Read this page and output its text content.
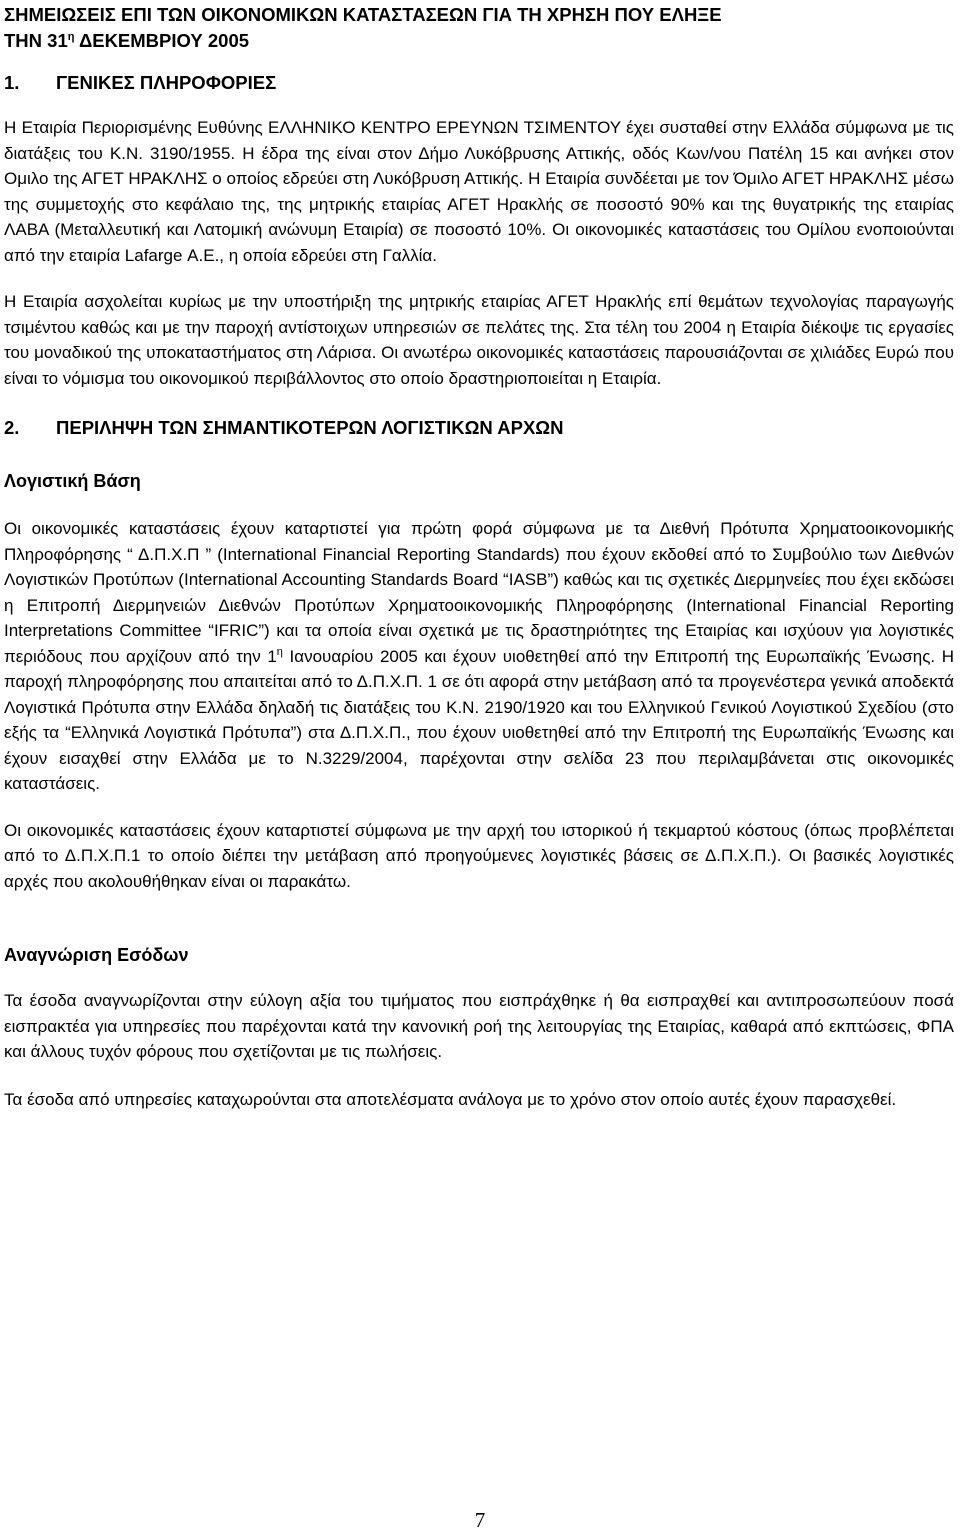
ΣΗΜΕΙΩΣΕΙΣ ΕΠΙ ΤΩΝ ΟΙΚΟΝΟΜΙΚΩΝ ΚΑΤΑΣΤΑΣΕΩΝ ΓΙΑ ΤΗ ΧΡΗΣΗ ΠΟΥ ΕΛΗΞΕ
ΤΗΝ $31^\eta$ ΔΕΚΕΜΒΡΙΟΥ 2005
1. ΓΕΝΙΚΕΣ ΠΛΗΡΟΦΟΡΙΕΣ

Η Εταιρία Περιορισμένης Ευθύνης ΕΛΛΗΝΙΚΟ ΚΕΝΤΡΟ ΕΡΕΥΝΩΝ ΤΣΙΜΕΝΤΟΥ έχει συσταθεί στην Ελλάδα σύμφωνα με τις διατάξεις του Κ.Ν. 3190/1955. Η έδρα της είναι στον Δήμο Λυκόβρυσης Αττικής, οδός Κων/νου Πατέλη 15 και ανήκει στον Ομιλο της ΑΓΕΤ ΗΡΑΚΛΗΣ ο οποίος εδρεύει στη Λυκόβρυση Αττικής. Η Εταιρία συνδέεται με τον Όμιλο ΑΓΕΤ ΗΡΑΚΛΗΣ μέσω της συμμετοχής στο κεφάλαιο της, της μητρικής εταιρίας ΑΓΕΤ Ηρακλής σε ποσοστό 90% και της θυγατρικής της εταιρίας ΛΑΒΑ (Μεταλλευτική και Λατομική ανώνυμη Εταιρία) σε ποσοστό 10%. Οι οικονομικές καταστάσεις του Ομίλου ενοποιούνται από την εταιρία Lafarge Α.Ε., η οποία εδρεύει στη Γαλλία.

Η Εταιρία ασχολείται κυρίως με την υποστήριξη της μητρικής εταιρίας ΑΓΕΤ Ηρακλής επί θεμάτων τεχνολογίας παραγωγής τσιμέντου καθώς και με την παροχή αντίστοιχων υπηρεσιών σε πελάτες της. Στα τέλη του 2004 η Εταιρία διέκοψε τις εργασίες του μοναδικού της υποκαταστήματος στη Λάρισα. Οι ανωτέρω οικονομικές καταστάσεις παρουσιάζονται σε χιλιάδες Ευρώ που είναι το νόμισμα του οικονομικού περιβάλλοντος στο οποίο δραστηριοποιείται η Εταιρία.

2. ΠΕΡΙΛΗΨΗ ΤΩΝ ΣΗΜΑΝΤΙΚΟΤΕΡΩΝ ΛΟΓΙΣΤΙΚΩΝ ΑΡΧΩΝ
Λογιστική Βάση

Οι οικονομικές καταστάσεις έχουν καταρτιστεί για πρώτη φορά σύμφωνα με τα Διεθνή Πρότυπα Χρηματοοικονομικής Πληροφόρησης “ Δ.Π.Χ.Π ” (International Financial Reporting Standards) που έχουν εκδοθεί από το Συμβούλιο των Διεθνών Λογιστικών Προτύπων (International Accounting Standards Board “IASB”) καθώς και τις σχετικές Διερμηνείες που έχει εκδώσει η Επιτροπή Διερμηνειών Διεθνών Προτύπων Χρηματοοικονομικής Πληροφόρησης (International Financial Reporting Interpretations Committee “IFRIC”) και τα οποία είναι σχετικά με τις δραστηριότητες της Εταιρίας και ισχύουν για λογιστικές περιόδους που αρχίζουν από την $1^\eta$ Ιανουαρίου 2005 και έχουν υιοθετηθεί από την Επιτροπή της Ευρωπαϊκής Ένωσης. Η παροχή πληροφόρησης που απαιτείται από το Δ.Π.Χ.Π. 1 σε ότι αφορά στην μετάβαση από τα προγενέστερα γενικά αποδεκτά Λογιστικά Πρότυπα στην Ελλάδα δηλαδή τις διατάξεις του Κ.Ν. 2190/1920 και του Ελληνικού Γενικού Λογιστικού Σχεδίου (στο εξής τα “Ελληνικά Λογιστικά Πρότυπα”) στα Δ.Π.Χ.Π., που έχουν υιοθετηθεί από την Επιτροπή της Ευρωπαϊκής Ένωσης και έχουν εισαχθεί στην Ελλάδα με το Ν.3229/2004, παρέχονται στην σελίδα 23 που περιλαμβάνεται στις οικονομικές καταστάσεις.

Οι οικονομικές καταστάσεις έχουν καταρτιστεί σύμφωνα με την αρχή του ιστορικού ή τεκμαρτού κόστους (όπως προβλέπεται από το Δ.Π.Χ.Π.1 το οποίο διέπει την μετάβαση από προηγούμενες λογιστικές βάσεις σε Δ.Π.Χ.Π.). Οι βασικές λογιστικές αρχές που ακολουθήθηκαν είναι οι παρακάτω.

Αναγνώριση Εσόδων

Τα έσοδα αναγνωρίζονται στην εύλογη αξία του τιμήματος που εισπράχθηκε ή θα εισπραχθεί και αντιπροσωπεύουν ποσά εισπρακτέα για υπηρεσίες που παρέχονται κατά την κανονική ροή της λειτουργίας της Εταιρίας, καθαρά από εκπτώσεις, ΦΠΑ και άλλους τυχόν φόρους που σχετίζονται με τις πωλήσεις.

Τα έσοδα από υπηρεσίες καταχωρούνται στα αποτελέσματα ανάλογα με το χρόνο στον οποίο αυτές έχουν παρασχεθεί.

7
